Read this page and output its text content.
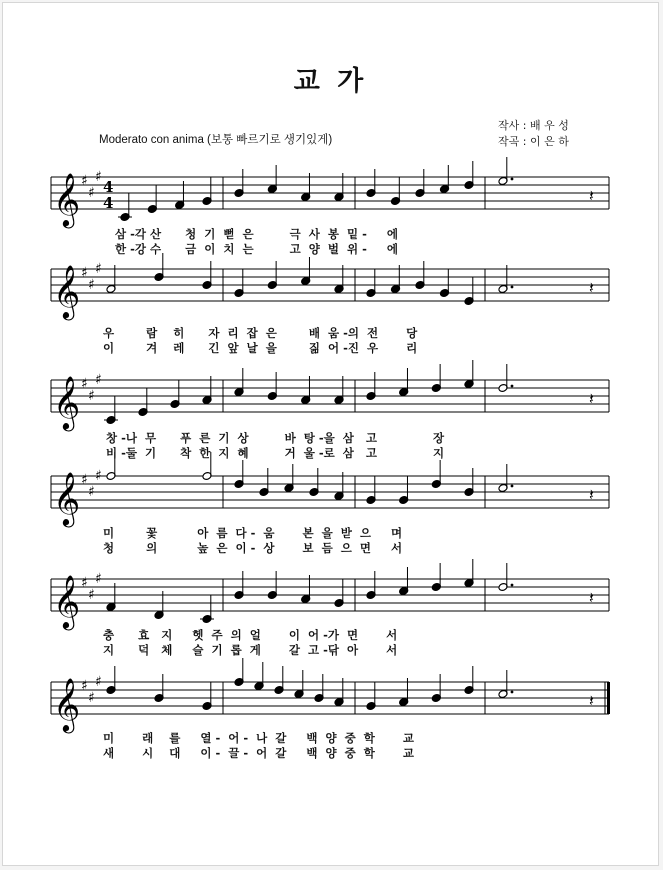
교 가
작사 : 배 우 성
작곡 : 이 은 하
Moderato con anima (보통 빠르기로 생기있게)
𝄞 ♯
♯
♯
4
4	𝄽
𝄞 ♯
♯
♯
𝄽
𝄞 ♯
♯
♯
𝄽
𝄞 ♯
♯
♯
𝄽
𝄞 ♯
♯
♯
𝄽
𝄞 ♯
♯
♯
𝄽
삼 -각 산      청  기  뻗  은         극  사  봉  밑 -     에
한 -강 수      금  이  치  는         고  양  벌  위 -     에
우        람    히      자  리  잡  은        배  움 -의  전       당
이        겨    레      긴  앞  날  을        짊  어 -진  우       리
창 -나  무      푸  른  기  상         바  탕 -을  삼   고              장
비 -둘  기      착  한  지  혜         거  울 -로  삼   고              지
미        꽃          아  름  다 -  움       본  을  받  으     며
청        의          높  은  이 -  상       보  듬  으  면     서
충      효   지     헷  주  의  얼       이  어 -가  면       서
지      덕   체     슬  기  롭  게       갈  고 -닦  아       서
미       래    를     열 -  어 -  나  갈     백  양  중  학       교
새       시    대     이 -  끌 -  어  갈     백  양  중  학       교
